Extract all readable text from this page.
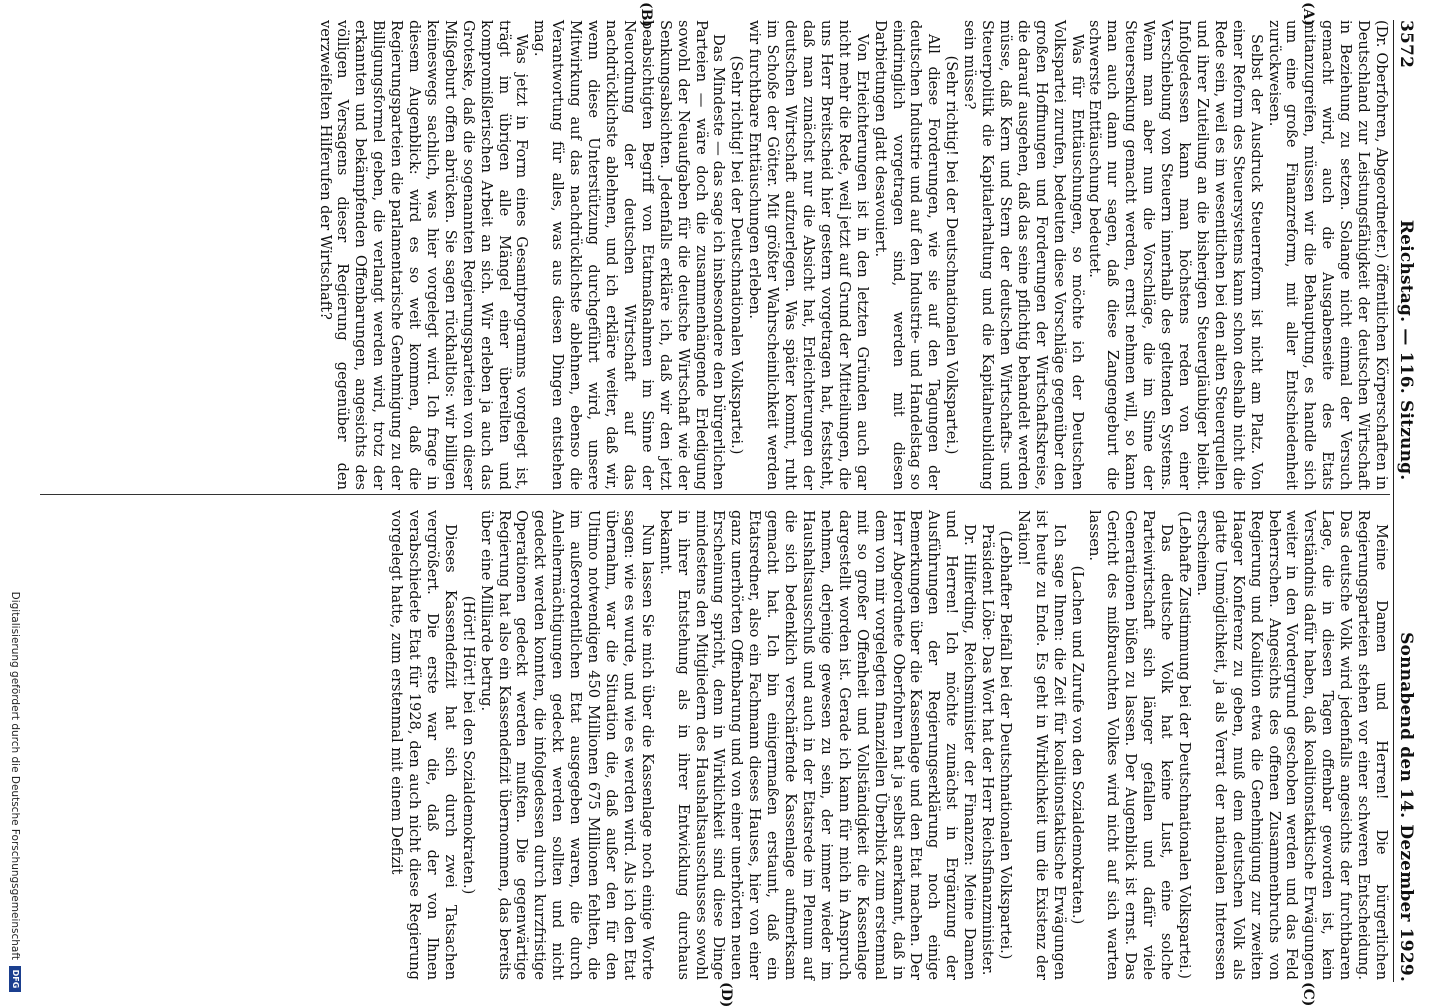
3572
Reichstag. — 116. Sitzung.
Sonnabend den 14. Dezember 1929.
(A)
(B)
(C)
(D)

(Dr. Oberfohren, Abgeordneter.) öffentlichen Körperschaften in Deutschland zur Leistungsfähigkeit der deutschen Wirtschaft in Beziehung zu setzen. Solange nicht einmal der Versuch gemacht wird, auch die Ausgabenseite des Etats mitanzugreifen, müssen wir die Behauptung, es handle sich um eine große Finanzreform, mit aller Entschiedenheit zurückweisen.

Selbst der Ausdruck Steuerreform ist nicht am Platz. Von einer Reform des Steuersystems kann schon deshalb nicht die Rede sein, weil es im wesentlichen bei den alten Steuerquellen und ihrer Zuteilung an die bisherigen Steuergläubiger bleibt. Infolgedessen kann man höchstens reden von einer Verschiebung von Steuern innerhalb des geltenden Systems. Wenn man aber nun die Vorschläge, die im Sinne der Steuersenkung gemacht werden, ernst nehmen will, so kann man auch dann nur sagen, daß diese Zangengeburt die schwerste Enttäuschung bedeutet.

Was für Enttäuschungen, so möchte ich der Deutschen Volkspartei zurufen, bedeuten diese Vorschläge gegenüber den großen Hoffnungen und Forderungen der Wirtschaftskreise, die darauf ausgehen, daß das seine pflichtig behandelt werden müsse, daß Kern und Stern der deutschen Wirtschafts- und Steuerpolitik die Kapitalerhaltung und die Kapitalneubildung sein müsse?

(Sehr richtig! bei der Deutschnationalen Volkspartei.)

All diese Forderungen, wie sie auf den Tagungen der deutschen Industrie und auf den Industrie- und Handelstag so eindringlich vorgetragen sind, werden mit diesen Darbietungen glatt desavouiert.

Von Erleichterungen ist in den letzten Gründen auch gar nicht mehr die Rede, weil jetzt auf Grund der Mitteilungen, die uns Herr Breitscheid hier gestern vorgetragen hat, feststeht, daß man zunächst nur die Absicht hat, Erleichterungen der deutschen Wirtschaft aufzuerlegen. Was später kommt, ruht im Schoße der Götter. Mit größter Wahrscheinlichkeit werden wir furchtbare Enttäuschungen erleben.

(Sehr richtig! bei der Deutschnationalen Volkspartei.)

Das Mindeste — das sage ich insbesondere den bürgerlichen Parteien — wäre doch die zusammenhängende Erledigung sowohl der Neuaufgaben für die deutsche Wirtschaft wie der Senkungsabsichten. Jedenfalls erkläre ich, daß wir den jetzt beabsichtigten Begriff von Etatmaßnahmen im Sinne der Neuordnung der deutschen Wirtschaft auf das nachdrücklichste ablehnen, und ich erkläre weiter, daß wir, wenn diese Unterstützung durchgeführt wird, unsere Mitwirkung auf das nachdrücklichste ablehnen, ebenso die Verantwortung für alles, was aus diesen Dingen entstehen mag.

Was jetzt in Form eines Gesamtprogramms vorgelegt ist, trägt im übrigen alle Mängel einer übereilten und kompromißlerischen Arbeit an sich. Wir erleben ja auch das Groteske, daß die sogenannten Regierungsparteien von dieser Mißgeburt offen abrücken. Sie sagen rückhaltlos: wir billigen keineswegs sachlich, was hier vorgelegt wird. Ich frage in diesem Augenblick: wird es so weit kommen, daß die Regierungsparteien die parlamentarische Genehmigung zu der Billigungsformel geben, die verlangt werden wird, trotz der erkannten und bekämpfenden Offenbarungen, angesichts des völligen Versagens dieser Regierung gegenüber den verzweifelten Hilferufen der Wirtschaft?

Meine Damen und Herren! Die bürgerlichen Regierungsparteien stehen vor einer schweren Entscheidung. Das deutsche Volk wird jedenfalls angesichts der furchtbaren Lage, die in diesen Tagen offenbar geworden ist, kein Verständnis dafür haben, daß koalitionstaktische Erwägungen weiter in den Vordergrund geschoben werden und das Feld beherrschen. Angesichts des offenen Zusammenbruchs von Regierung und Koalition etwa die Genehmigung zur zweiten Haager Konferenz zu geben, muß dem deutschen Volk als glatte Unmöglichkeit, ja als Verrat der nationalen Interessen erscheinen.

(Lebhafte Zustimmung bei der Deutschnationalen Volkspartei.)

Das deutsche Volk hat keine Lust, eine solche Parteiwirtschaft sich länger gefallen und dafür viele Generationen büßen zu lassen. Der Augenblick ist ernst. Das Gericht des mißbrauchten Volkes wird nicht auf sich warten lassen.

(Lachen und Zurufe von den Sozialdemokraten.)

Ich sage Ihnen: die Zeit für koalitionstaktische Erwägungen ist heute zu Ende. Es geht in Wirklichkeit um die Existenz der Nation!

(Lebhafter Beifall bei der Deutschnationalen Volkspartei.)

Präsident Löbe: Das Wort hat der Herr Reichsfinanzminister.

Dr. Hilferding, Reichsminister der Finanzen: Meine Damen und Herren! Ich möchte zunächst in Ergänzung der Ausführungen der Regierungserklärung noch einige Bemerkungen über die Kassenlage und den Etat machen. Der Herr Abgeordnete Oberfohren hat ja selbst anerkannt, daß in dem von mir vorgelegten finanziellen Überblick zum erstenmal mit so großer Offenheit und Vollständigkeit die Kassenlage dargestellt worden ist. Gerade ich kann für mich in Anspruch nehmen, derjenige gewesen zu sein, der immer wieder im Haushaltsausschuß und auch in der Etatsrede im Plenum auf die sich bedenklich verschärfende Kassenlage aufmerksam gemacht hat. Ich bin einigermaßen erstaunt, daß ein Etatsredner, also ein Fachmann dieses Hauses, hier von einer ganz unerhörten Offenbarung und von einer unerhörten neuen Erscheinung spricht, denn in Wirklichkeit sind diese Dinge mindestens den Mitgliedern des Haushaltsausschusses sowohl in ihrer Entstehung als in ihrer Entwicklung durchaus bekannt.

Nun lassen Sie mich über die Kassenlage noch einige Worte sagen: wie es wurde, und wie es werden wird. Als ich den Etat übernahm, war die Situation die, daß außer den für den Ultimo notwendigen 450 Millionen 675 Millionen fehlten, die im außerordentlichen Etat ausgegeben waren, die durch Anleihermächtigungen gedeckt werden sollten und nicht gedeckt werden konnten, die infolgedessen durch kurzfristige Operationen gedeckt werden mußten. Die gegenwärtige Regierung hat also ein Kassendefizit übernommen, das bereits über eine Milliarde betrug.

(Hört! Hört! bei den Sozialdemokraten.)

Dieses Kassendefizit hat sich durch zwei Tatsachen vergrößert. Die erste war die, daß der von Ihnen verabschiedete Etat für 1928, den auch nicht diese Regierung vorgelegt hatte, zum erstenmal mit einem Defizit

Digitalisierung gefördert durch die Deutsche Forschungsgemeinschaft
DFG
